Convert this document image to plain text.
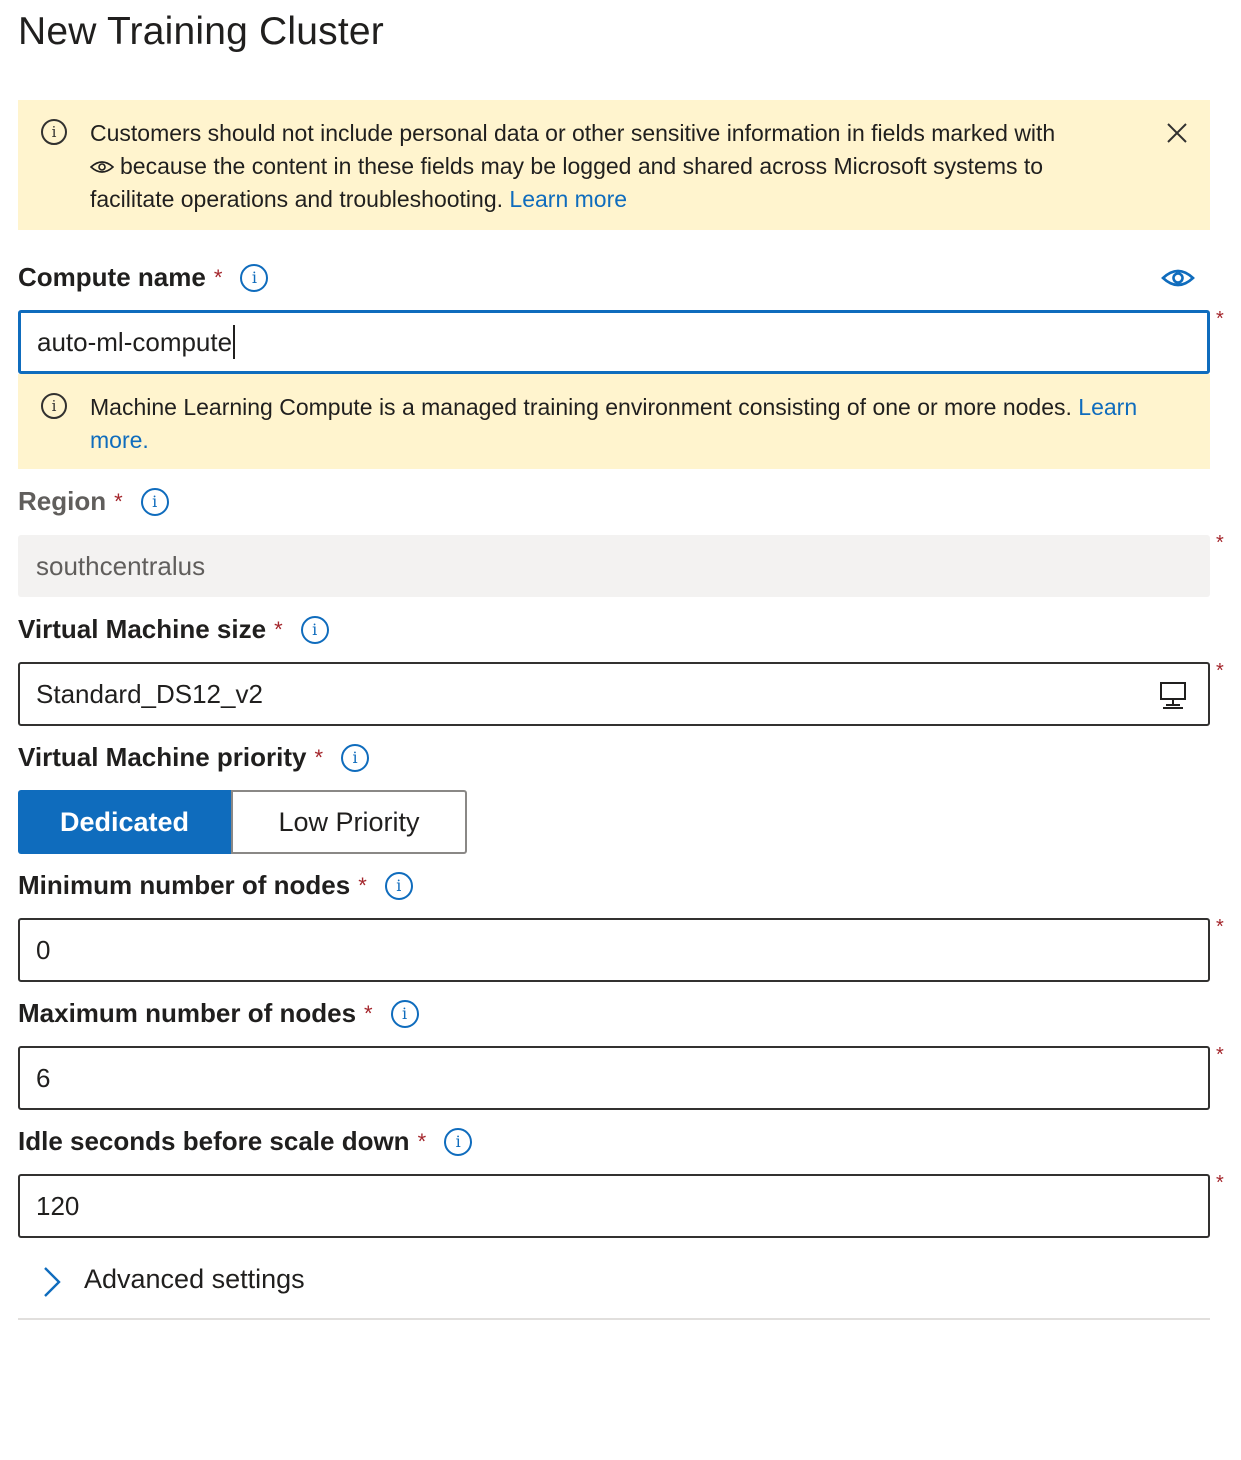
New Training Cluster
i	Customers should not include personal data or other sensitive information in fields marked with
because the content in these fields may be logged and shared across Microsoft systems to
facilitate operations and troubleshooting. Learn more
Compute name *	i
auto-ml-compute
*
i	Machine Learning Compute is a managed training environment consisting of one or more nodes. Learn
more.
Region *	i
southcentralus
*
Virtual Machine size *	i
Standard_DS12_v2
*
Virtual Machine priority *	i
Dedicated	Low Priority
Minimum number of nodes *	i
0
*
Maximum number of nodes *	i
6
*
Idle seconds before scale down *	i
120
*
Advanced settings
